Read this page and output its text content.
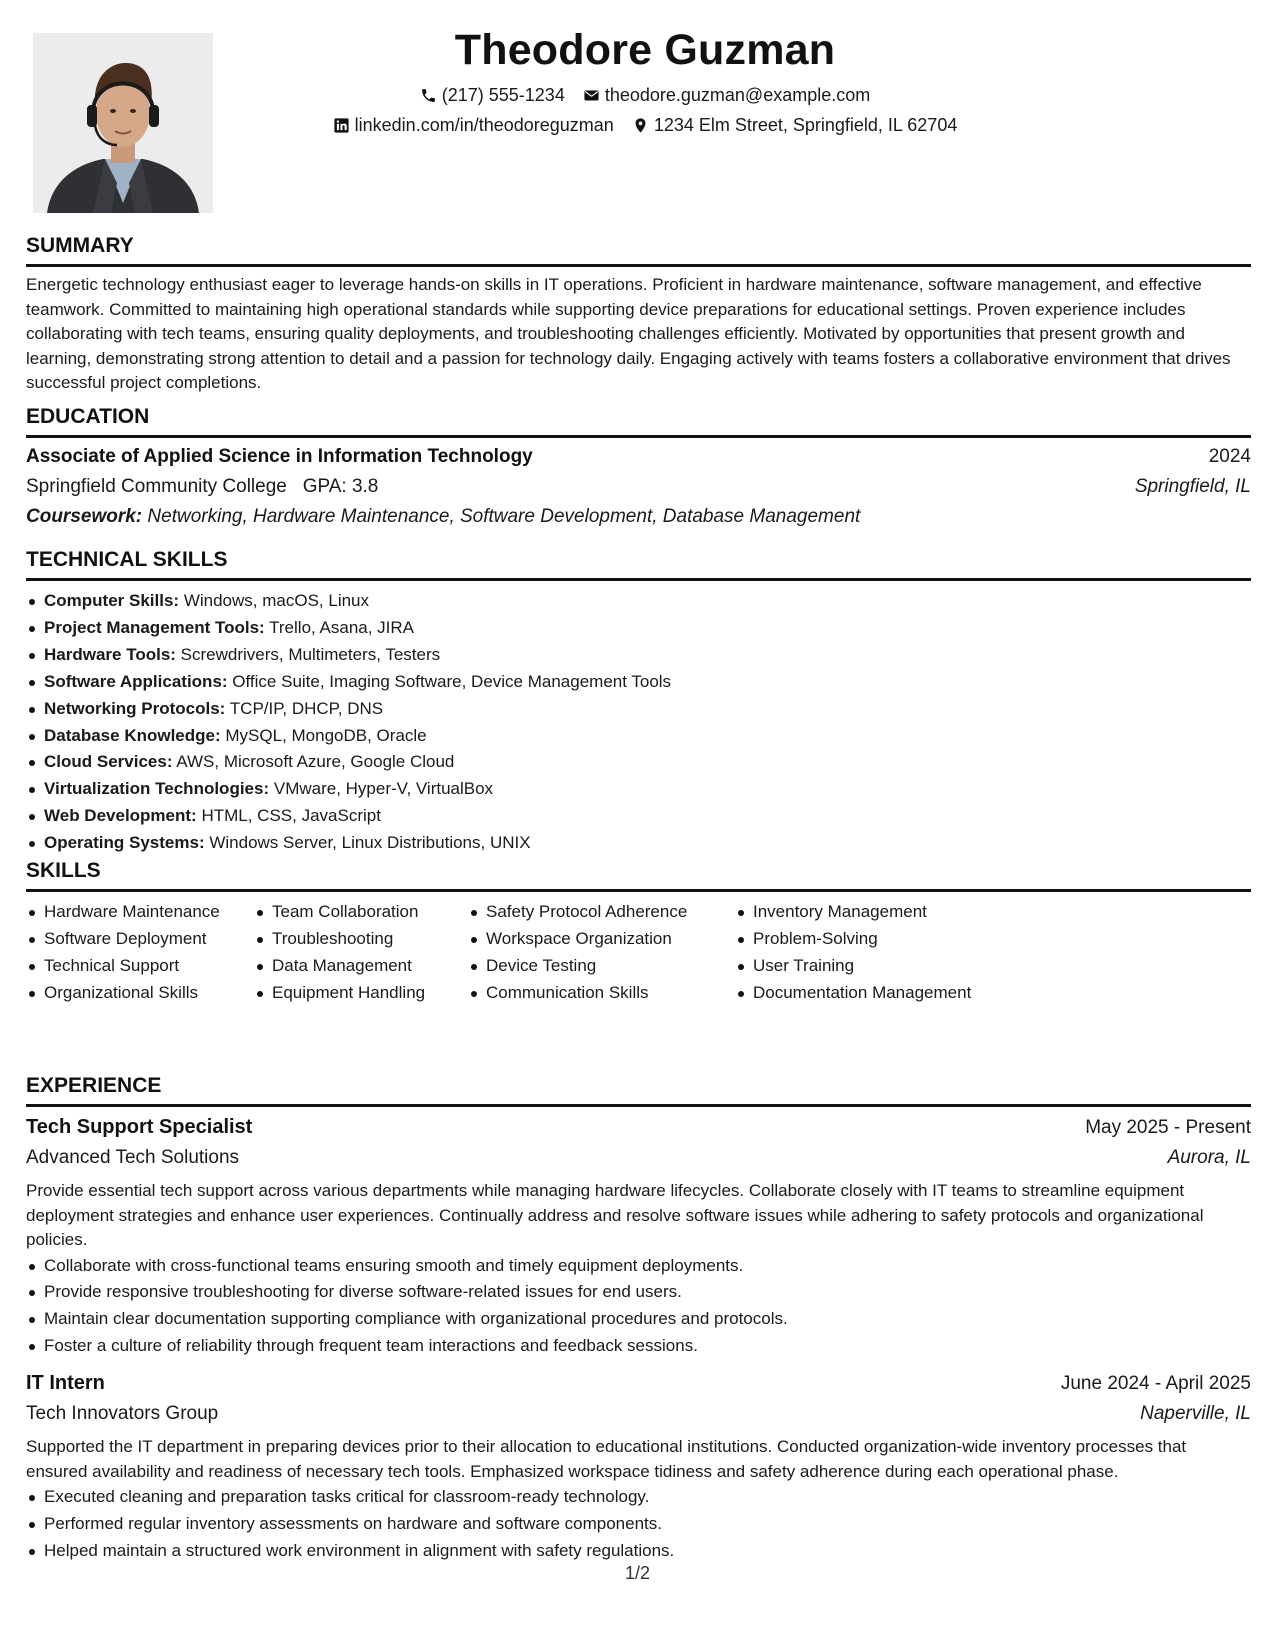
Theodore Guzman
(217) 555-1234 theodore.guzman@example.com
linkedin.com/in/theodoreguzman 1234 Elm Street, Springfield, IL 62704
SUMMARY
Energetic technology enthusiast eager to leverage hands-on skills in IT operations. Proficient in hardware maintenance, software management, and effective teamwork. Committed to maintaining high operational standards while supporting device preparations for educational settings. Proven experience includes collaborating with tech teams, ensuring quality deployments, and troubleshooting challenges efficiently. Motivated by opportunities that present growth and learning, demonstrating strong attention to detail and a passion for technology daily. Engaging actively with teams fosters a collaborative environment that drives successful project completions.
EDUCATION
Associate of Applied Science in Information Technology	2024
Springfield Community College GPA: 3.8	Springfield, IL
Coursework: Networking, Hardware Maintenance, Software Development, Database Management
TECHNICAL SKILLS
Computer Skills: Windows, macOS, Linux
Project Management Tools: Trello, Asana, JIRA
Hardware Tools: Screwdrivers, Multimeters, Testers
Software Applications: Office Suite, Imaging Software, Device Management Tools
Networking Protocols: TCP/IP, DHCP, DNS
Database Knowledge: MySQL, MongoDB, Oracle
Cloud Services: AWS, Microsoft Azure, Google Cloud
Virtualization Technologies: VMware, Hyper-V, VirtualBox
Web Development: HTML, CSS, JavaScript
Operating Systems: Windows Server, Linux Distributions, UNIX
SKILLS
Hardware Maintenance
Software Deployment
Technical Support
Organizational Skills
Team Collaboration
Troubleshooting
Data Management
Equipment Handling
Safety Protocol Adherence
Workspace Organization
Device Testing
Communication Skills
Inventory Management
Problem-Solving
User Training
Documentation Management
EXPERIENCE
Tech Support Specialist	May 2025 - Present
Advanced Tech Solutions	Aurora, IL
Provide essential tech support across various departments while managing hardware lifecycles. Collaborate closely with IT teams to streamline equipment deployment strategies and enhance user experiences. Continually address and resolve software issues while adhering to safety protocols and organizational policies.
Collaborate with cross-functional teams ensuring smooth and timely equipment deployments.
Provide responsive troubleshooting for diverse software-related issues for end users.
Maintain clear documentation supporting compliance with organizational procedures and protocols.
Foster a culture of reliability through frequent team interactions and feedback sessions.
IT Intern	June 2024 - April 2025
Tech Innovators Group	Naperville, IL
Supported the IT department in preparing devices prior to their allocation to educational institutions. Conducted organization-wide inventory processes that ensured availability and readiness of necessary tech tools. Emphasized workspace tidiness and safety adherence during each operational phase.
Executed cleaning and preparation tasks critical for classroom-ready technology.
Performed regular inventory assessments on hardware and software components.
Helped maintain a structured work environment in alignment with safety regulations.
1/2
